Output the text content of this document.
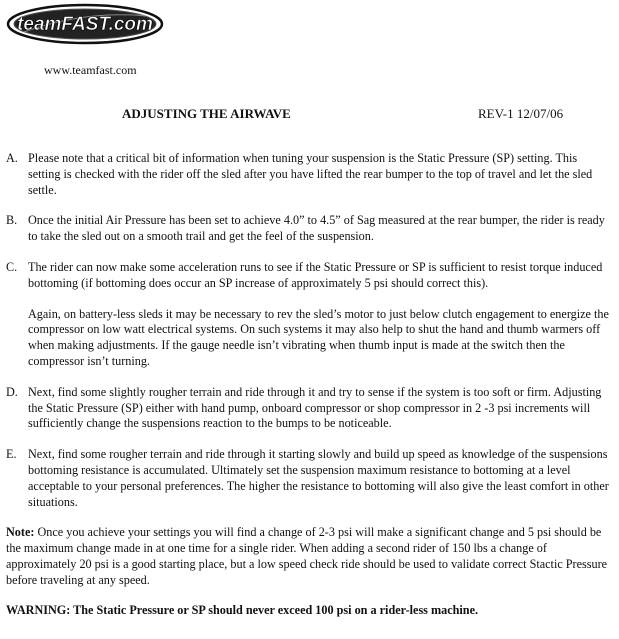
teamFAST.com
www.teamfast.com
ADJUSTING THE AIRWAVE	REV-1 12/07/06
A. Please note that a critical bit of information when tuning your suspension is the Static Pressure (SP) setting. This setting is checked with the rider off the sled after you have lifted the rear bumper to the top of travel and let the sled settle.
B. Once the initial Air Pressure has been set to achieve 4.0” to 4.5” of Sag measured at the rear bumper, the rider is ready to take the sled out on a smooth trail and get the feel of the suspension.
C. The rider can now make some acceleration runs to see if the Static Pressure or SP is sufficient to resist torque induced bottoming (if bottoming does occur an SP increase of approximately 5 psi should correct this).
Again, on battery-less sleds it may be necessary to rev the sled’s motor to just below clutch engagement to energize the compressor on low watt electrical systems. On such systems it may also help to shut the hand and thumb warmers off when making adjustments. If the gauge needle isn’t vibrating when thumb input is made at the switch then the compressor isn’t turning.
D. Next, find some slightly rougher terrain and ride through it and try to sense if the system is too soft or firm. Adjusting the Static Pressure (SP) either with hand pump, onboard compressor or shop compressor in 2 -3 psi increments will sufficiently change the suspensions reaction to the bumps to be noticeable.
E. Next, find some rougher terrain and ride through it starting slowly and build up speed as knowledge of the suspensions bottoming resistance is accumulated. Ultimately set the suspension maximum resistance to bottoming at a level acceptable to your personal preferences. The higher the resistance to bottoming will also give the least comfort in other situations.
Note: Once you achieve your settings you will find a change of 2-3 psi will make a significant change and 5 psi should be the maximum change made in at one time for a single rider. When adding a second rider of 150 lbs a change of approximately 20 psi is a good starting place, but a low speed check ride should be used to validate correct Stactic Pressure before traveling at any speed.
WARNING: The Static Pressure or SP should never exceed 100 psi on a rider-less machine.
